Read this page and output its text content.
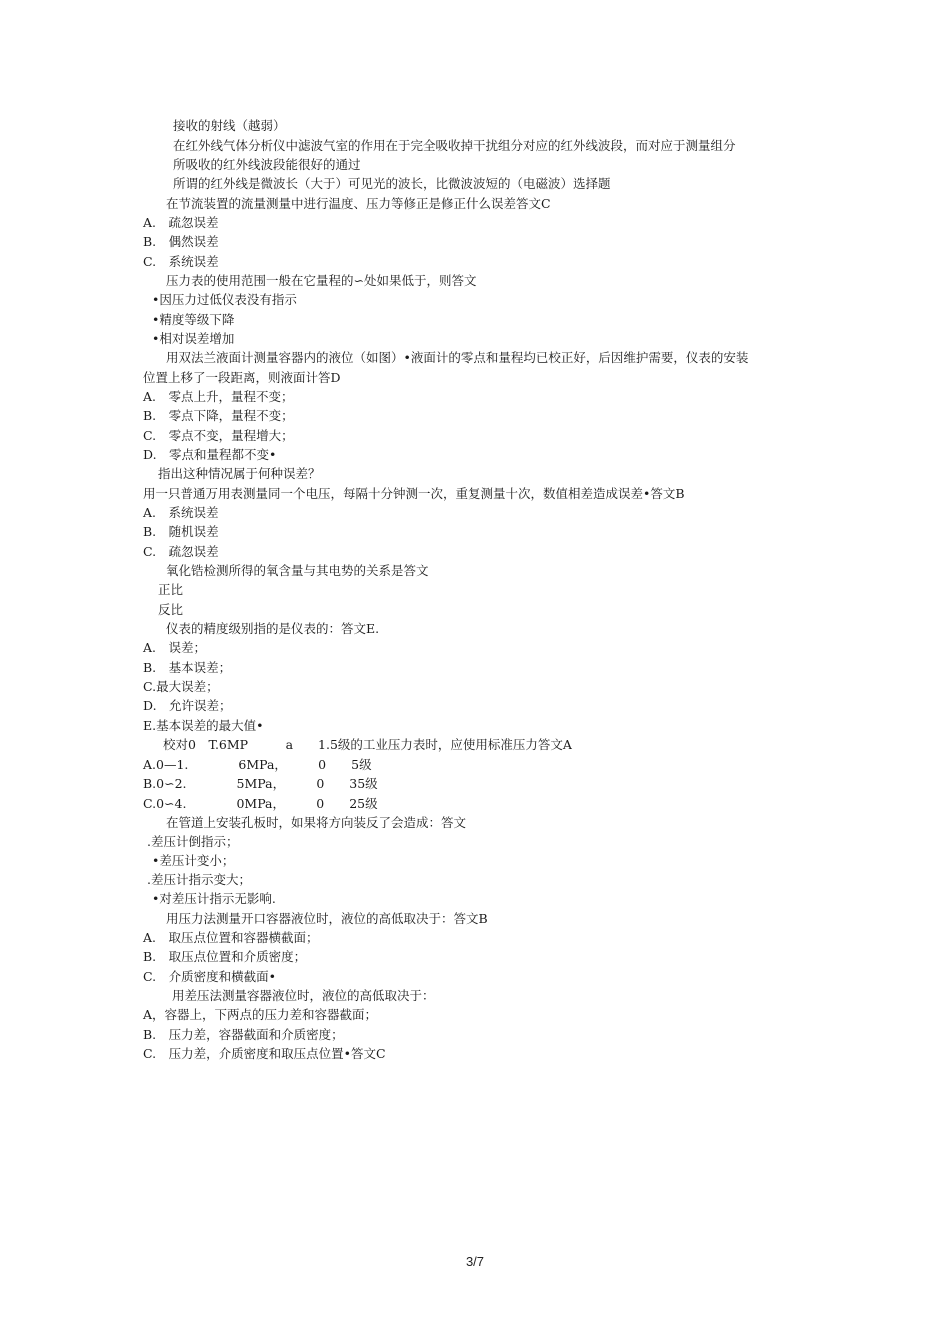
接收的射线（越弱）
在红外线气体分析仪中滤波气室的作用在于完全吸收掉干扰组分对应的红外线波段，而对应于测量组分
所吸收的红外线波段能很好的通过
所谓的红外线是微波长（大于）可见光的波长，比微波波短的（电磁波）选择题
在节流装置的流量测量中进行温度、压力等修正是修正什么误差答文C
A.　疏忽误差
B.　偶然误差
C.　系统误差
压力表的使用范围一般在它量程的∽处如果低于，则答文
•因压力过低仪表没有指示
•精度等级下降
•相对误差增加
用双法兰液面计测量容器内的液位（如图）•液面计的零点和量程均已校正好，后因维护需要，仪表的安装
位置上移了一段距离，则液面计答D
A.　零点上升，量程不变；
B.　零点下降，量程不变；
C.　零点不变，量程增大；
D.　零点和量程都不变•
指出这种情况属于何种误差？
用一只普通万用表测量同一个电压，每隔十分钟测一次，重复测量十次，数值相差造成误差•答文B
A.　系统误差
B.　随机误差
C.　疏忽误差
氧化锆检测所得的氧含量与其电势的关系是答文
正比
反比
仪表的精度级别指的是仪表的：答文E.
A.　误差；
B.　基本误差；
C.最大误差；
D.　允许误差；
E.基本误差的最大值•
校对0　T.6MP　　　a　　1.5级的工业压力表时，应使用标准压力答文A
A.0—1.　　　　6MPa，　　　0　　5级
B.0∽2.　　　　5MPa，　　　0　　35级
C.0∽4.　　　　0MPa，　　　0　　25级
在管道上安装孔板时，如果将方向装反了会造成：答文
.差压计倒指示；
•差压计变小；
.差压计指示变大；
•对差压计指示无影响.
用压力法测量开口容器液位时，液位的高低取决于：答文B
A.　取压点位置和容器横截面；
B.　取压点位置和介质密度；
C.　介质密度和横截面•
用差压法测量容器液位时，液位的高低取决于：
A，容器上，下两点的压力差和容器截面；
B.　压力差，容器截面和介质密度；
C.　压力差，介质密度和取压点位置•答文C
3/7
